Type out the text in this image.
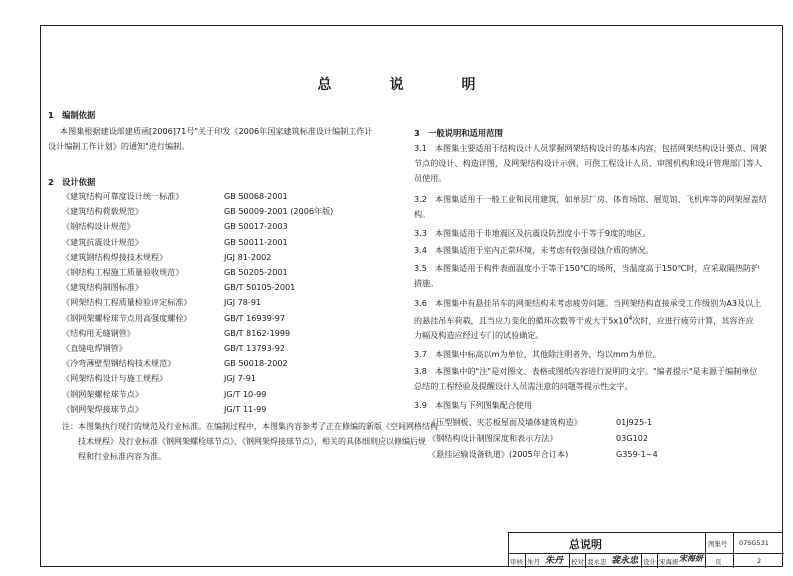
总　说　明
1　编制依据
本图集根据建设部建质函[2006]71号"关于印发《2006年国家建筑标准设计编制工作计
设计编制工作计划》的通知"进行编制。
2　设计依据
《建筑结构可靠度设计统一标准》	GB 50068-2001
《建筑结构荷载规范》	GB 50009-2001 (2006年版)
《钢结构设计规范》	GB 50017-2003
《建筑抗震设计规范》	GB 50011-2001
《建筑钢结构焊接技术规程》	JGJ 81-2002
《钢结构工程施工质量验收规范》	GB 50205-2001
《建筑结构制图标准》	GB/T 50105-2001
《网架结构工程质量检验评定标准》	JGJ 78-91
《钢网架螺栓球节点用高强度螺栓》	GB/T 16939-97
《结构用无缝钢管》	GB/T 8162-1999
《直缝电焊钢管》	GB/T 13793-92
《冷弯薄壁型钢结构技术规范》	GB 50018-2002
《网架结构设计与施工规程》	JGJ 7-91
《钢网架螺栓球节点》	JG/T 10-99
《钢网架焊接球节点》	JG/T 11-99
注：本图集执行现行的规范及行业标准。在编制过程中，本图集内容参考了正在修编的新版《空间网格结构
技术规程》及行业标准《钢网架螺栓球节点》、《钢网架焊接球节点》，相关的具体细则应以修编后规
程和行业标准内容为准。
3　一般说明和适用范围
3.1　本图集主要适用于结构设计人员掌握网架结构设计的基本内容，包括网架结构设计要点、网架
节点的设计、构造详图，及网架结构设计示例，可供工程设计人员、审图机构和设计管理部门等人
员使用。
3.2　本图集适用于一般工业和民用建筑，如单层厂房、体育场馆、展览馆、飞机库等的网架屋盖结
构。
3.3　本图集适用于非地震区及抗震设防烈度小于等于9度的地区。
3.4　本图集适用于室内正常环境，未考虑有较强侵蚀介质的情况。
3.5　本图集适用于构件表面温度小于等于150℃的场所，当温度高于150℃时，应采取隔热防护
措施。
3.6　本图集中有悬挂吊车的网架结构未考虑疲劳问题。当网架结构直接承受工作级别为A3及以上
的悬挂吊车荷载，且当应力变化的循环次数等于或大于$5x10^4$次时，应进行疲劳计算，其容许应
力幅及构造应经过专门的试验确定。
3.7　本图集中标高以m为单位，其他除注明者外，均以mm为单位。
3.8　本图集中的"注"是对图文、表格或图纸内容进行说明的文字。"编者提示"是未源于编制单位
总结的工程经验及提醒设计人员需注意的问题等提示性文字。
3.9　本图集与下列图集配合使用
《压型钢板、夹芯板屋面及墙体建筑构造》	01J925-1
《钢结构设计制图深度和表示方法》	03G102
《悬挂运输设备轨道》(2005年合订本)	G359-1~4
总说明	图集号 07SG531
页	2
审核 朱丹 朱丹 校对 裴永忠 裴永忠 设计 宋海妍 宋海妍
